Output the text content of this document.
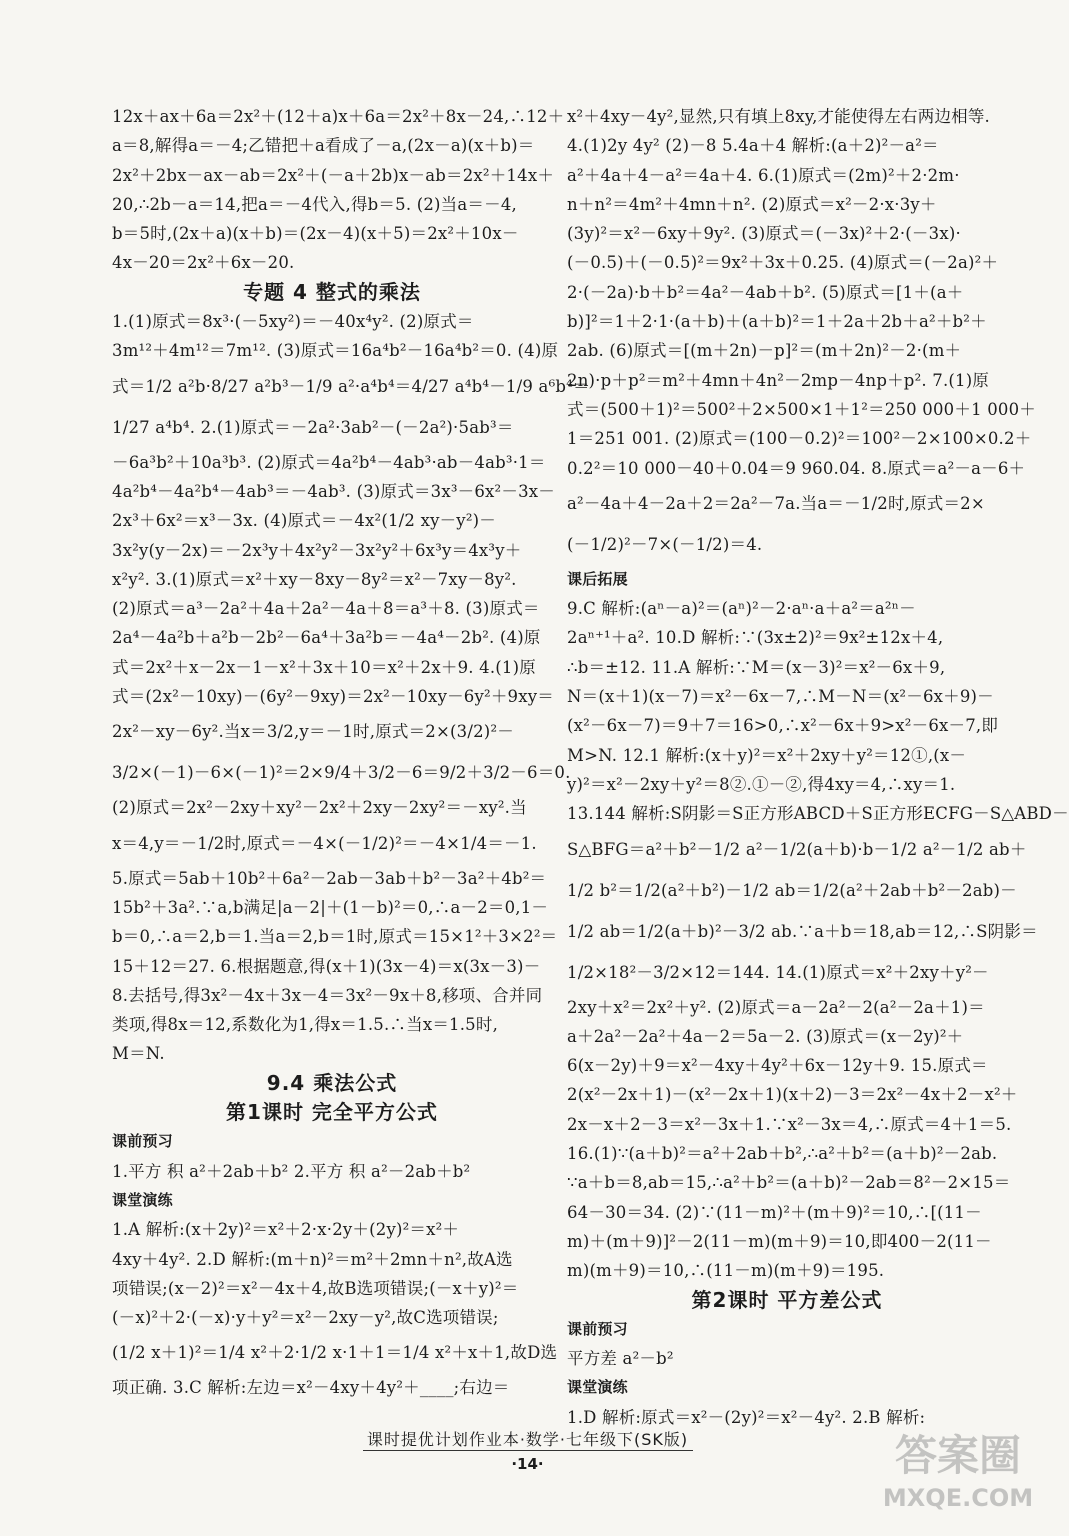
12x＋ax＋6a＝2x²＋(12＋a)x＋6a＝2x²＋8x－24,∴12＋
a＝8,解得a＝－4;乙错把＋a看成了－a,(2x－a)(x＋b)＝
2x²＋2bx－ax－ab＝2x²＋(－a＋2b)x－ab＝2x²＋14x＋
20,∴2b－a＝14,把a＝－4代入,得b＝5. (2)当a＝－4,
b＝5时,(2x＋a)(x＋b)＝(2x－4)(x＋5)＝2x²＋10x－
4x－20＝2x²＋6x－20.
专题 4 整式的乘法
1.(1)原式＝8x³·(－5xy²)＝－40x⁴y². (2)原式＝
3m¹²＋4m¹²＝7m¹². (3)原式＝16a⁴b²－16a⁴b²＝0. (4)原
式＝1/2 a²b·8/27 a²b³－1/9 a²·a⁴b⁴＝4/27 a⁴b⁴－1/9 a⁶b⁴＝
1/27 a⁴b⁴. 2.(1)原式＝－2a²·3ab²－(－2a²)·5ab³＝
－6a³b²＋10a³b³. (2)原式＝4a²b⁴－4ab³·ab－4ab³·1＝
4a²b⁴－4a²b⁴－4ab³＝－4ab³. (3)原式＝3x³－6x²－3x－
2x³＋6x²＝x³－3x. (4)原式＝－4x²(1/2 xy－y²)－
3x²y(y－2x)＝－2x³y＋4x²y²－3x²y²＋6x³y＝4x³y＋
x²y². 3.(1)原式＝x²＋xy－8xy－8y²＝x²－7xy－8y².
(2)原式＝a³－2a²＋4a＋2a²－4a＋8＝a³＋8. (3)原式＝
2a⁴－4a²b＋a²b－2b²－6a⁴＋3a²b＝－4a⁴－2b². (4)原
式＝2x²＋x－2x－1－x²＋3x＋10＝x²＋2x＋9. 4.(1)原
式＝(2x²－10xy)－(6y²－9xy)＝2x²－10xy－6y²＋9xy＝
2x²－xy－6y².当x＝3/2,y＝－1时,原式＝2×(3/2)²－
3/2×(－1)－6×(－1)²＝2×9/4＋3/2－6＝9/2＋3/2－6＝0.
(2)原式＝2x²－2xy＋xy²－2x²＋2xy－2xy²＝－xy².当
x＝4,y＝－1/2时,原式＝－4×(－1/2)²＝－4×1/4＝－1.
5.原式＝5ab＋10b²＋6a²－2ab－3ab＋b²－3a²＋4b²＝
15b²＋3a².∵a,b满足|a－2|＋(1－b)²＝0,∴a－2＝0,1－
b＝0,∴a＝2,b＝1.当a＝2,b＝1时,原式＝15×1²＋3×2²＝
15＋12＝27. 6.根据题意,得(x＋1)(3x－4)＝x(3x－3)－
8.去括号,得3x²－4x＋3x－4＝3x²－9x＋8,移项、合并同
类项,得8x＝12,系数化为1,得x＝1.5.∴当x＝1.5时,
M＝N.
9.4 乘法公式
第1课时 完全平方公式
课前预习
1.平方 积 a²＋2ab＋b² 2.平方 积 a²－2ab＋b²
课堂演练
1.A 解析:(x＋2y)²＝x²＋2·x·2y＋(2y)²＝x²＋
4xy＋4y². 2.D 解析:(m＋n)²＝m²＋2mn＋n²,故A选
项错误;(x－2)²＝x²－4x＋4,故B选项错误;(－x＋y)²＝
(－x)²＋2·(－x)·y＋y²＝x²－2xy－y²,故C选项错误;
(1/2 x＋1)²＝1/4 x²＋2·1/2 x·1＋1＝1/4 x²＋x＋1,故D选
项正确. 3.C 解析:左边＝x²－4xy＋4y²＋____;右边＝
x²＋4xy－4y²,显然,只有填上8xy,才能使得左右两边相等.
4.(1)2y 4y² (2)－8 5.4a＋4 解析:(a＋2)²－a²＝
a²＋4a＋4－a²＝4a＋4. 6.(1)原式＝(2m)²＋2·2m·
n＋n²＝4m²＋4mn＋n². (2)原式＝x²－2·x·3y＋
(3y)²＝x²－6xy＋9y². (3)原式＝(－3x)²＋2·(－3x)·
(－0.5)＋(－0.5)²＝9x²＋3x＋0.25. (4)原式＝(－2a)²＋
2·(－2a)·b＋b²＝4a²－4ab＋b². (5)原式＝[1＋(a＋
b)]²＝1＋2·1·(a＋b)＋(a＋b)²＝1＋2a＋2b＋a²＋b²＋
2ab. (6)原式＝[(m＋2n)－p]²＝(m＋2n)²－2·(m＋
2n)·p＋p²＝m²＋4mn＋4n²－2mp－4np＋p². 7.(1)原
式＝(500＋1)²＝500²＋2×500×1＋1²＝250 000＋1 000＋
1＝251 001. (2)原式＝(100－0.2)²＝100²－2×100×0.2＋
0.2²＝10 000－40＋0.04＝9 960.04. 8.原式＝a²－a－6＋
a²－4a＋4－2a＋2＝2a²－7a.当a＝－1/2时,原式＝2×
(－1/2)²－7×(－1/2)＝4.
课后拓展
9.C 解析:(aⁿ－a)²＝(aⁿ)²－2·aⁿ·a＋a²＝a²ⁿ－
2aⁿ⁺¹＋a². 10.D 解析:∵(3x±2)²＝9x²±12x＋4,
∴b＝±12. 11.A 解析:∵M＝(x－3)²＝x²－6x＋9,
N＝(x＋1)(x－7)＝x²－6x－7,∴M－N＝(x²－6x＋9)－
(x²－6x－7)＝9＋7＝16>0,∴x²－6x＋9>x²－6x－7,即
M>N. 12.1 解析:(x＋y)²＝x²＋2xy＋y²＝12①,(x－
y)²＝x²－2xy＋y²＝8②.①－②,得4xy＝4,∴xy＝1.
13.144 解析:S阴影＝S正方形ABCD＋S正方形ECFG－S△ABD－
S△BFG＝a²＋b²－1/2 a²－1/2(a＋b)·b－1/2 a²－1/2 ab＋
1/2 b²＝1/2(a²＋b²)－1/2 ab＝1/2(a²＋2ab＋b²－2ab)－
1/2 ab＝1/2(a＋b)²－3/2 ab.∵a＋b＝18,ab＝12,∴S阴影＝
1/2×18²－3/2×12＝144. 14.(1)原式＝x²＋2xy＋y²－
2xy＋x²＝2x²＋y². (2)原式＝a－2a²－2(a²－2a＋1)＝
a＋2a²－2a²＋4a－2＝5a－2. (3)原式＝(x－2y)²＋
6(x－2y)＋9＝x²－4xy＋4y²＋6x－12y＋9. 15.原式＝
2(x²－2x＋1)－(x²－2x＋1)(x＋2)－3＝2x²－4x＋2－x²＋
2x－x＋2－3＝x²－3x＋1.∵x²－3x＝4,∴原式＝4＋1＝5.
16.(1)∵(a＋b)²＝a²＋2ab＋b²,∴a²＋b²＝(a＋b)²－2ab.
∵a＋b＝8,ab＝15,∴a²＋b²＝(a＋b)²－2ab＝8²－2×15＝
64－30＝34. (2)∵(11－m)²＋(m＋9)²＝10,∴[(11－
m)＋(m＋9)]²－2(11－m)(m＋9)＝10,即400－2(11－
m)(m＋9)＝10,∴(11－m)(m＋9)＝195.
第2课时 平方差公式
课前预习
平方差 a²－b²
课堂演练
1.D 解析:原式＝x²－(2y)²＝x²－4y². 2.B 解析:
课时提优计划作业本·数学·七年级下(SK版)
·14·	答案圈
MXQE.COM
